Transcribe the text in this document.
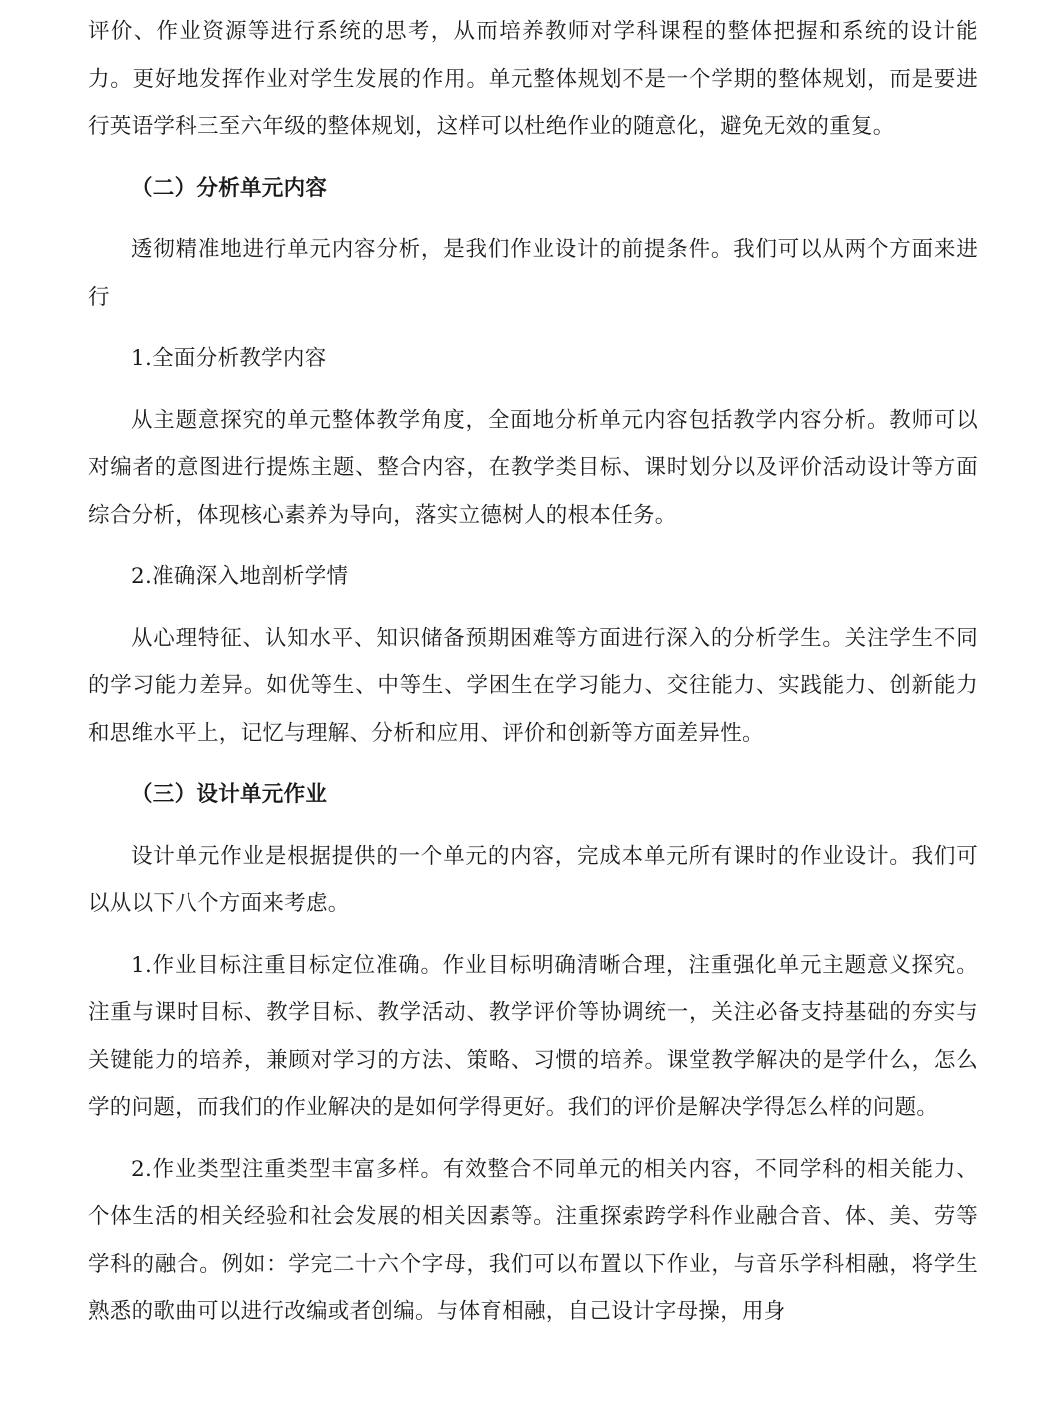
评价、作业资源等进行系统的思考，从而培养教师对学科课程的整体把握和系统的设计能力。更好地发挥作业对学生发展的作用。单元整体规划不是一个学期的整体规划，而是要进行英语学科三至六年级的整体规划，这样可以杜绝作业的随意化，避免无效的重复。

（二）分析单元内容

透彻精准地进行单元内容分析，是我们作业设计的前提条件。我们可以从两个方面来进行

1.全面分析教学内容

从主题意探究的单元整体教学角度，全面地分析单元内容包括教学内容分析。教师可以对编者的意图进行提炼主题、整合内容，在教学类目标、课时划分以及评价活动设计等方面综合分析，体现核心素养为导向，落实立德树人的根本任务。

2.准确深入地剖析学情

从心理特征、认知水平、知识储备预期困难等方面进行深入的分析学生。关注学生不同的学习能力差异。如优等生、中等生、学困生在学习能力、交往能力、实践能力、创新能力和思维水平上，记忆与理解、分析和应用、评价和创新等方面差异性。

（三）设计单元作业

设计单元作业是根据提供的一个单元的内容，完成本单元所有课时的作业设计。我们可以从以下八个方面来考虑。

1.作业目标注重目标定位准确。作业目标明确清晰合理，注重强化单元主题意义探究。注重与课时目标、教学目标、教学活动、教学评价等协调统一，关注必备支持基础的夯实与关键能力的培养，兼顾对学习的方法、策略、习惯的培养。课堂教学解决的是学什么，怎么学的问题，而我们的作业解决的是如何学得更好。我们的评价是解决学得怎么样的问题。

2.作业类型注重类型丰富多样。有效整合不同单元的相关内容，不同学科的相关能力、个体生活的相关经验和社会发展的相关因素等。注重探索跨学科作业融合音、体、美、劳等学科的融合。例如：学完二十六个字母，我们可以布置以下作业，与音乐学科相融，将学生熟悉的歌曲可以进行改编或者创编。与体育相融，自己设计字母操，用身
